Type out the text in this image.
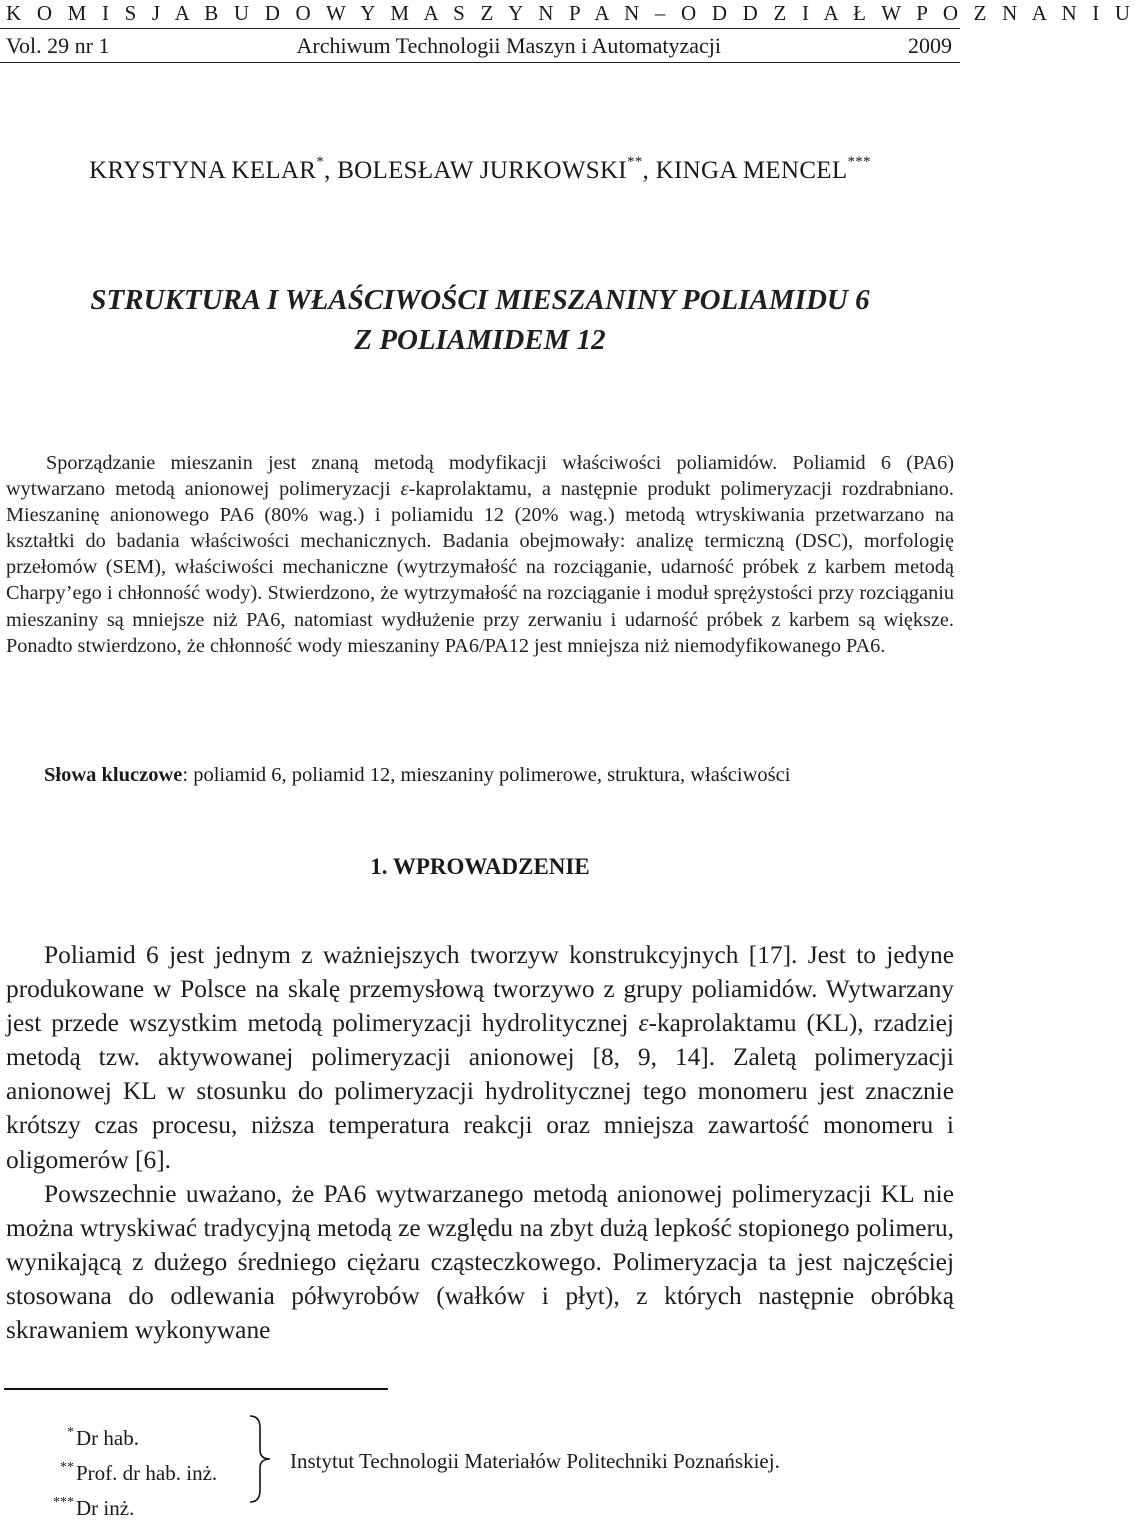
K O M I S J A B U D O W Y M A S Z Y N P A N – O D D Z I A Ł W P O Z N A N I U
Vol. 29 nr 1	Archiwum Technologii Maszyn i Automatyzacji	2009
KRYSTYNA KELAR*, BOLESŁAW JURKOWSKI**, KINGA MENCEL***
STRUKTURA I WŁAŚCIWOŚCI MIESZANINY POLIAMIDU 6
Z POLIAMIDEM 12
Sporządzanie mieszanin jest znaną metodą modyfikacji właściwości poliamidów. Poliamid 6 (PA6) wytwarzano metodą anionowej polimeryzacji ε-kaprolaktamu, a następnie produkt polimeryzacji rozdrabniano. Mieszaninę anionowego PA6 (80% wag.) i poliamidu 12 (20% wag.) metodą wtryskiwania przetwarzano na kształtki do badania właściwości mechanicznych. Badania obejmowały: analizę termiczną (DSC), morfologię przełomów (SEM), właściwości mechaniczne (wytrzymałość na rozciąganie, udarność próbek z karbem metodą Charpy’ego i chłonność wody). Stwierdzono, że wytrzymałość na rozciąganie i moduł sprężystości przy rozciąganiu mieszaniny są mniejsze niż PA6, natomiast wydłużenie przy zerwaniu i udarność próbek z karbem są większe. Ponadto stwierdzono, że chłonność wody mieszaniny PA6/PA12 jest mniejsza niż niemodyfikowanego PA6.
Słowa kluczowe: poliamid 6, poliamid 12, mieszaniny polimerowe, struktura, właściwości
1. WPROWADZENIE

Poliamid 6 jest jednym z ważniejszych tworzyw konstrukcyjnych [17]. Jest to jedyne produkowane w Polsce na skalę przemysłową tworzywo z grupy poliamidów. Wytwarzany jest przede wszystkim metodą polimeryzacji hydrolitycznej ε-kaprolaktamu (KL), rzadziej metodą tzw. aktywowanej polimeryzacji anionowej [8, 9, 14]. Zaletą polimeryzacji anionowej KL w stosunku do polimeryzacji hydrolitycznej tego monomeru jest znacznie krótszy czas procesu, niższa temperatura reakcji oraz mniejsza zawartość monomeru i oligomerów [6].

Powszechnie uważano, że PA6 wytwarzanego metodą anionowej polimeryzacji KL nie można wtryskiwać tradycyjną metodą ze względu na zbyt dużą lepkość stopionego polimeru, wynikającą z dużego średniego ciężaru cząsteczkowego. Polimeryzacja ta jest najczęściej stosowana do odlewania półwyrobów (wałków i płyt), z których następnie obróbką skrawaniem wykonywane

*Dr hab.
**Prof. dr hab. inż.
***Dr inż.
Instytut Technologii Materiałów Politechniki Poznańskiej.
